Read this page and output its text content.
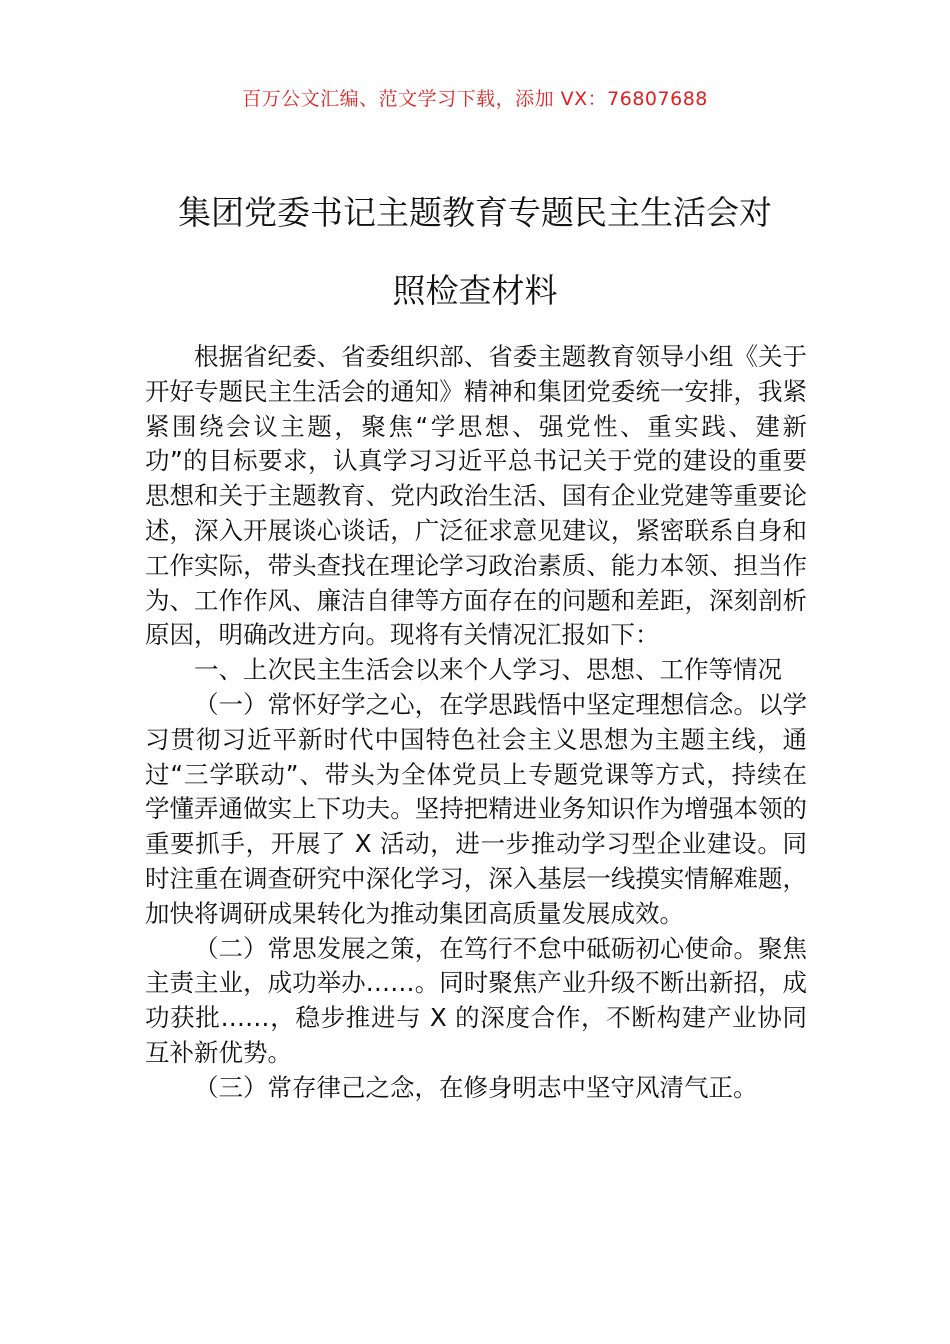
百万公文汇编、范文学习下载，添加 VX：76807688
集团党委书记主题教育专题民主生活会对
照检查材料

根据省纪委、省委组织部、省委主题教育领导小组《关于开好专题民主生活会的通知》精神和集团党委统一安排，我紧紧围绕会议主题，聚焦“学思想、强党性、重实践、建新功”的目标要求，认真学习习近平总书记关于党的建设的重要思想和关于主题教育、党内政治生活、国有企业党建等重要论述，深入开展谈心谈话，广泛征求意见建议，紧密联系自身和工作实际，带头查找在理论学习政治素质、能力本领、担当作为、工作作风、廉洁自律等方面存在的问题和差距，深刻剖析原因，明确改进方向。现将有关情况汇报如下：

一、上次民主生活会以来个人学习、思想、工作等情况

（一）常怀好学之心，在学思践悟中坚定理想信念。以学习贯彻习近平新时代中国特色社会主义思想为主题主线，通过“三学联动”、带头为全体党员上专题党课等方式，持续在学懂弄通做实上下功夫。坚持把精进业务知识作为增强本领的重要抓手，开展了 X 活动，进一步推动学习型企业建设。同时注重在调查研究中深化学习，深入基层一线摸实情解难题，加快将调研成果转化为推动集团高质量发展成效。

（二）常思发展之策，在笃行不怠中砥砺初心使命。聚焦主责主业，成功举办……。同时聚焦产业升级不断出新招，成功获批……，稳步推进与 X 的深度合作，不断构建产业协同互补新优势。

（三）常存律己之念，在修身明志中坚守风清气正。
